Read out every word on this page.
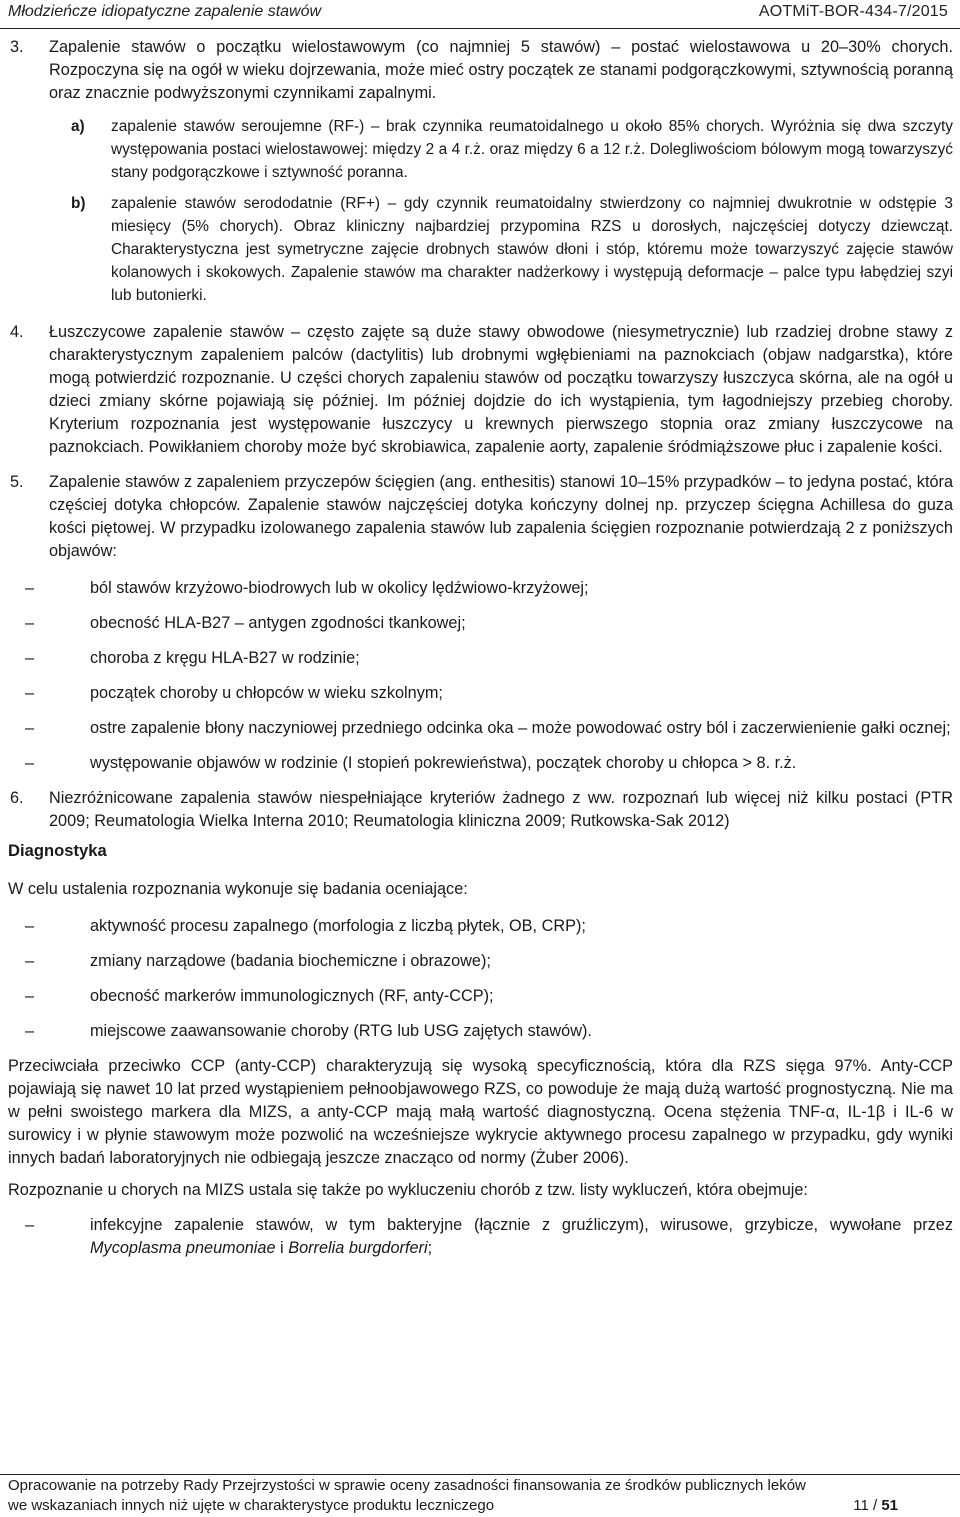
Młodzieńcze idiopatyczne zapalenie stawów	AOTMiT-BOR-434-7/2015
3. Zapalenie stawów o początku wielostawowym (co najmniej 5 stawów) – postać wielostawowa u 20–30% chorych. Rozpoczyna się na ogół w wieku dojrzewania, może mieć ostry początek ze stanami podgorączkowymi, sztywnością poranną oraz znacznie podwyższonymi czynnikami zapalnymi.
a) zapalenie stawów seroujemne (RF-) – brak czynnika reumatoidalnego u około 85% chorych. Wyróżnia się dwa szczyty występowania postaci wielostawowej: między 2 a 4 r.ż. oraz między 6 a 12 r.ż. Dolegliwościom bólowym mogą towarzyszyć stany podgorączkowe i sztywność poranna.
b) zapalenie stawów serododatnie (RF+) – gdy czynnik reumatoidalny stwierdzony co najmniej dwukrotnie w odstępie 3 miesięcy (5% chorych). Obraz kliniczny najbardziej przypomina RZS u dorosłych, najczęściej dotyczy dziewcząt. Charakterystyczna jest symetryczne zajęcie drobnych stawów dłoni i stóp, któremu może towarzyszyć zajęcie stawów kolanowych i skokowych. Zapalenie stawów ma charakter nadżerkowy i występują deformacje – palce typu łabędziej szyi lub butonierki.
4. Łuszczycowe zapalenie stawów – często zajęte są duże stawy obwodowe (niesymetrycznie) lub rzadziej drobne stawy z charakterystycznym zapaleniem palców (dactylitis) lub drobnymi wgłębieniami na paznokciach (objaw nadgarstka), które mogą potwierdzić rozpoznanie. U części chorych zapaleniu stawów od początku towarzyszy łuszczyca skórna, ale na ogół u dzieci zmiany skórne pojawiają się później. Im później dojdzie do ich wystąpienia, tym łagodniejszy przebieg choroby. Kryterium rozpoznania jest występowanie łuszczycy u krewnych pierwszego stopnia oraz zmiany łuszczycowe na paznokciach. Powikłaniem choroby może być skrobiawica, zapalenie aorty, zapalenie śródmiąższowe płuc i zapalenie kości.
5. Zapalenie stawów z zapaleniem przyczepów ścięgien (ang. enthesitis) stanowi 10–15% przypadków – to jedyna postać, która częściej dotyka chłopców. Zapalenie stawów najczęściej dotyka kończyny dolnej np. przyczep ścięgna Achillesa do guza kości piętowej. W przypadku izolowanego zapalenia stawów lub zapalenia ścięgien rozpoznanie potwierdzają 2 z poniższych objawów:
–	ból stawów krzyżowo-biodrowych lub w okolicy lędźwiowo-krzyżowej;
–	obecność HLA-B27 – antygen zgodności tkankowej;
–	choroba z kręgu HLA-B27 w rodzinie;
–	początek choroby u chłopców w wieku szkolnym;
–	ostre zapalenie błony naczyniowej przedniego odcinka oka – może powodować ostry ból i zaczerwienienie gałki ocznej;
–	występowanie objawów w rodzinie (I stopień pokrewieństwa), początek choroby u chłopca > 8. r.ż.
6. Niezróżnicowane zapalenia stawów niespełniające kryteriów żadnego z ww. rozpoznań lub więcej niż kilku postaci (PTR 2009; Reumatologia Wielka Interna 2010; Reumatologia kliniczna 2009; Rutkowska-Sak 2012)
Diagnostyka

W celu ustalenia rozpoznania wykonuje się badania oceniające:

–	aktywność procesu zapalnego (morfologia z liczbą płytek, OB, CRP);
–	zmiany narządowe (badania biochemiczne i obrazowe);
–	obecność markerów immunologicznych (RF, anty-CCP);
–	miejscowe zaawansowanie choroby (RTG lub USG zajętych stawów).

Przeciwciała przeciwko CCP (anty-CCP) charakteryzują się wysoką specyficznością, która dla RZS sięga 97%. Anty-CCP pojawiają się nawet 10 lat przed wystąpieniem pełnoobjawowego RZS, co powoduje że mają dużą wartość prognostyczną. Nie ma w pełni swoistego markera dla MIZS, a anty-CCP mają małą wartość diagnostyczną. Ocena stężenia TNF-α, IL-1β i IL-6 w surowicy i w płynie stawowym może pozwolić na wcześniejsze wykrycie aktywnego procesu zapalnego w przypadku, gdy wyniki innych badań laboratoryjnych nie odbiegają jeszcze znacząco od normy (Żuber 2006).

Rozpoznanie u chorych na MIZS ustala się także po wykluczeniu chorób z tzw. listy wykluczeń, która obejmuje:

–	infekcyjne zapalenie stawów, w tym bakteryjne (łącznie z gruźliczym), wirusowe, grzybicze, wywołane przez Mycoplasma pneumoniae i Borrelia burgdorferi;
Opracowanie na potrzeby Rady Przejrzystości w sprawie oceny zasadności finansowania ze środków publicznych leków
we wskazaniach innych niż ujęte w charakterystyce produktu leczniczego	11 / 51
